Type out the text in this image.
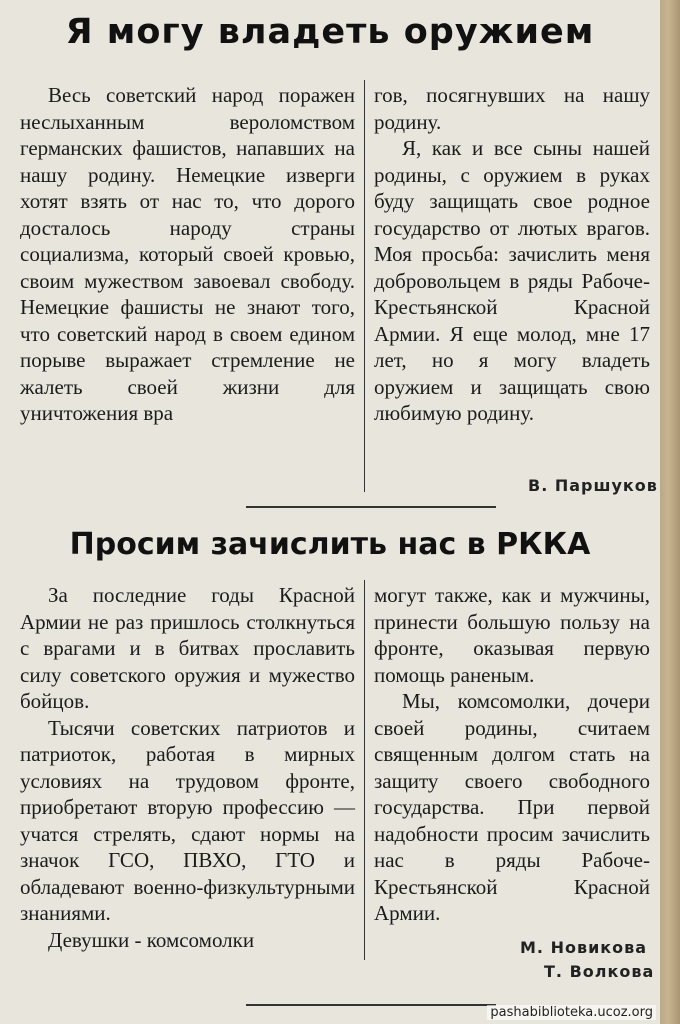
Я могу владеть оружием

Весь советский народ поражен неслыханным вероломством германских фашистов, напавших на нашу родину. Немецкие изверги хотят взять от нас то, что дорого досталось народу страны социализма, который своей кровью, своим мужеством завоевал свободу. Немецкие фашисты не знают того, что советский народ в своем едином порыве выражает стремление не жалеть своей жизни для уничтожения вра

гов, посягнувших на нашу родину.

Я, как и все сыны нашей родины, с оружием в руках буду защищать свое родное государство от лютых врагов. Моя просьба: зачислить меня добровольцем в ряды Рабоче-Крестьянской Красной Армии. Я еще молод, мне 17 лет, но я могу владеть оружием и защищать свою любимую родину.

В. Паршуков
Просим зачислить нас в РККА

За последние годы Красной Армии не раз пришлось столкнуться с врагами и в битвах прославить силу советского оружия и мужество бойцов.

Тысячи советских патриотов и патриоток, работая в мирных условиях на трудовом фронте, приобретают вторую профессию — учатся стрелять, сдают нормы на значок ГСО, ПВХО, ГТО и обладевают военно-физкультурными знаниями.

Девушки - комсомолки

могут также, как и мужчины, принести большую пользу на фронте, оказывая первую помощь раненым.

Мы, комсомолки, дочери своей родины, считаем священным долгом стать на защиту своего свободного государства. При первой надобности просим зачислить нас в ряды Рабоче-Крестьянской Красной Армии.

М. Новикова
Т. Волкова
pashabiblioteka.ucoz.org
